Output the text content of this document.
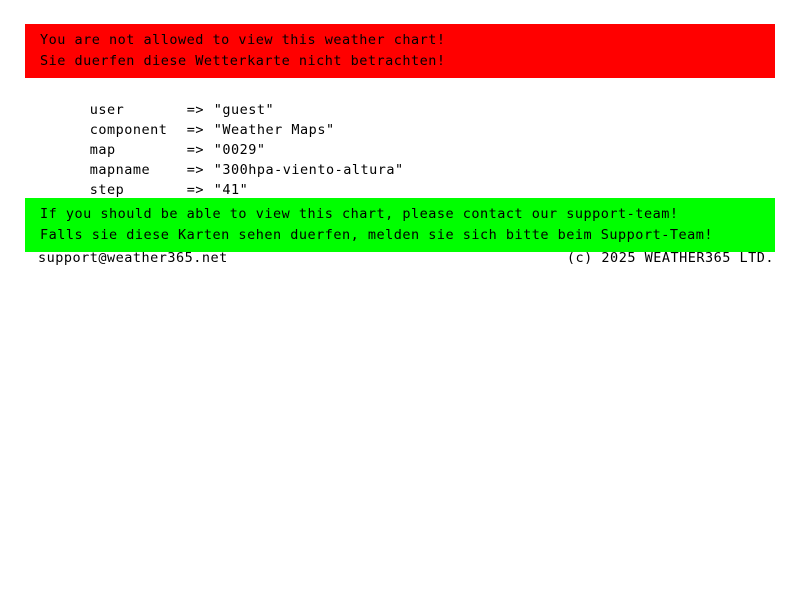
You are not allowed to view this weather chart!
Sie duerfen diese Wetterkarte nicht betrachten!

user	=> "guest"

component => "Weather Maps"

map	=> "0029"

mapname	=> "300hpa-viento-altura"

step	=> "41"

If you should be able to view this chart, please contact our support-team!
Falls sie diese Karten sehen duerfen, melden sie sich bitte beim Support-Team!
support@weather365.net	(c) 2025 WEATHER365 LTD.
